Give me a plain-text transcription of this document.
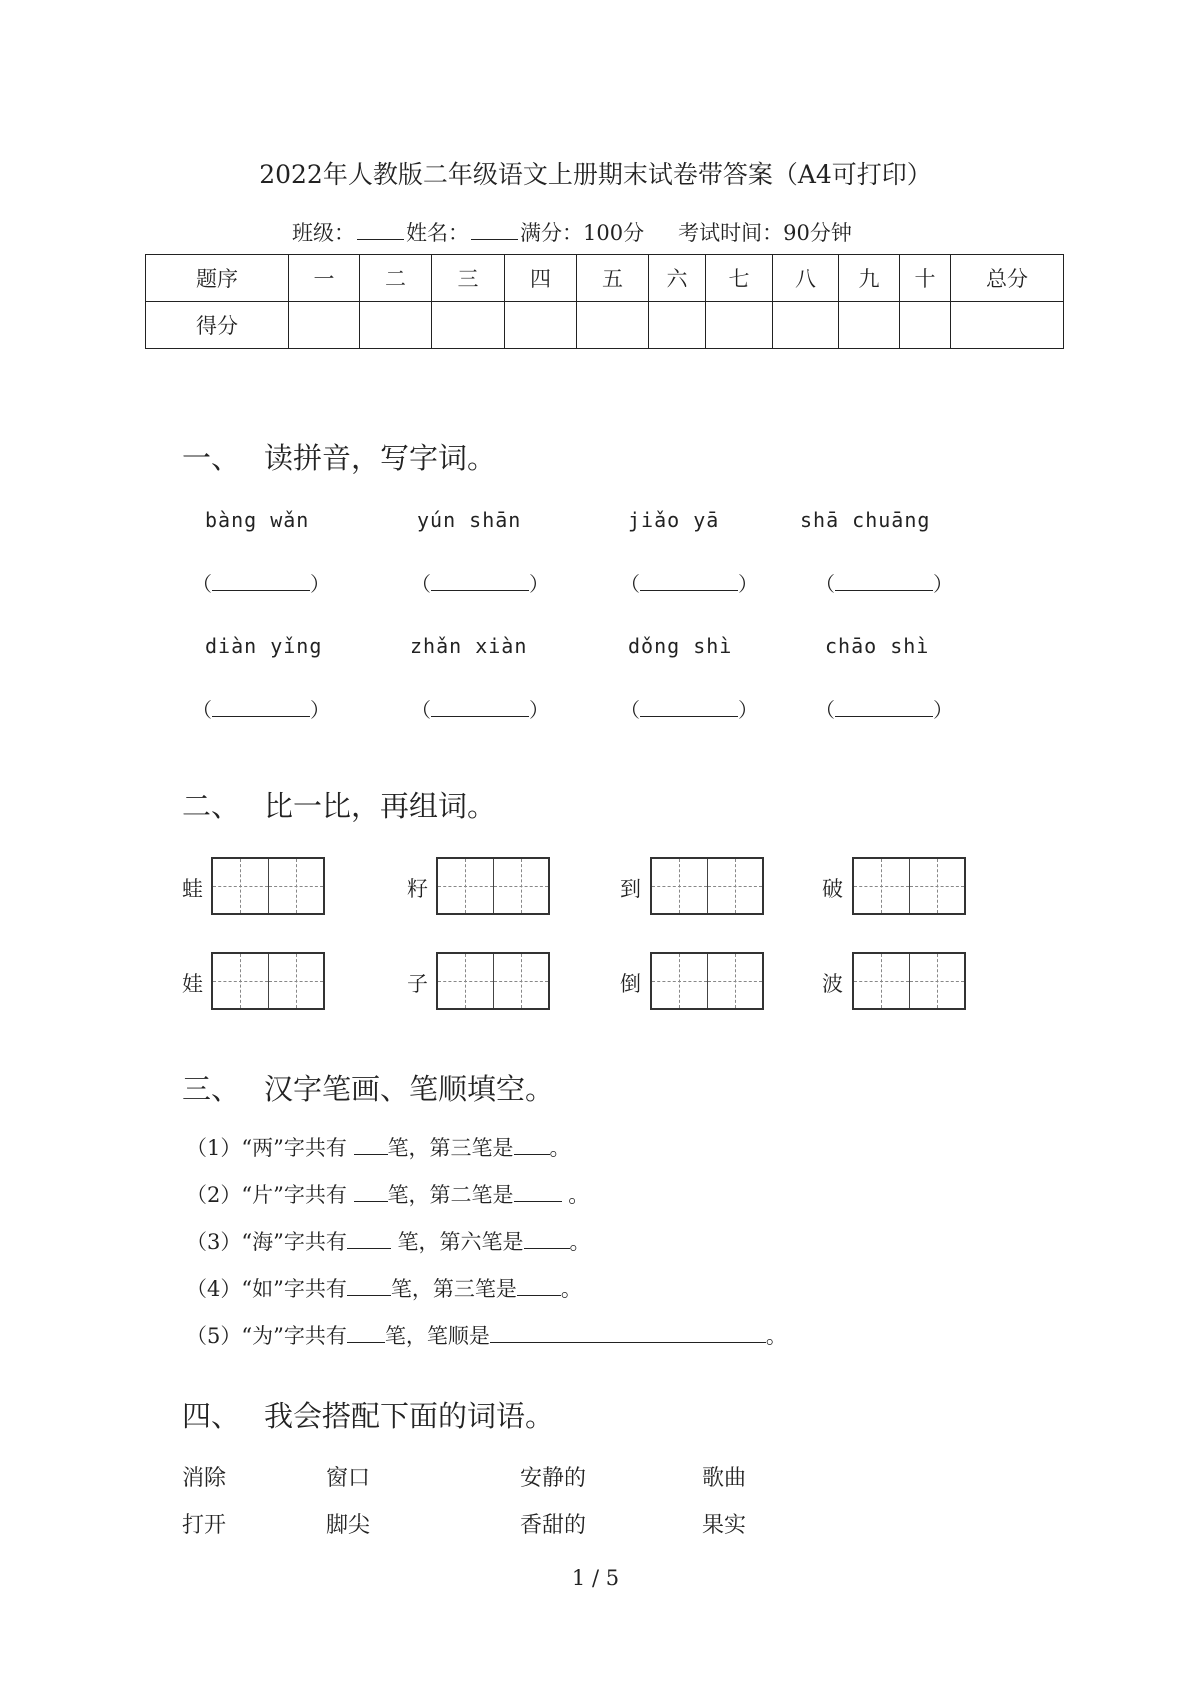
2022年人教版二年级语文上册期末试卷带答案（A4可打印）
班级： 姓名： 满分：100分 考试时间：90分钟
题序	一	二	三	四	五	六	七	八	九	十	总分
得分											
一、 读拼音，写字词。
bàng wǎn	yún shān	jiǎo yā	shā chuāng
（	）	（	）	（	）	（	）
diàn yǐng	zhǎn xiàn	dǒng shì	chāo shì
（	）	（	）	（	）	（	）
二、 比一比，再组词。
蛙	籽	到	破
娃	子	倒	波
三、 汉字笔画、笔顺填空。
（1）“两”字共有 笔，第三笔是 。
（2）“片”字共有 笔，第二笔是 。
（3）“海”字共有 笔，第六笔是 。
（4）“如”字共有 笔，第三笔是 。
（5）“为”字共有 笔，笔顺是	。
四、 我会搭配下面的词语。
消除	窗口	安静的	歌曲
打开	脚尖	香甜的	果实
1 / 5
